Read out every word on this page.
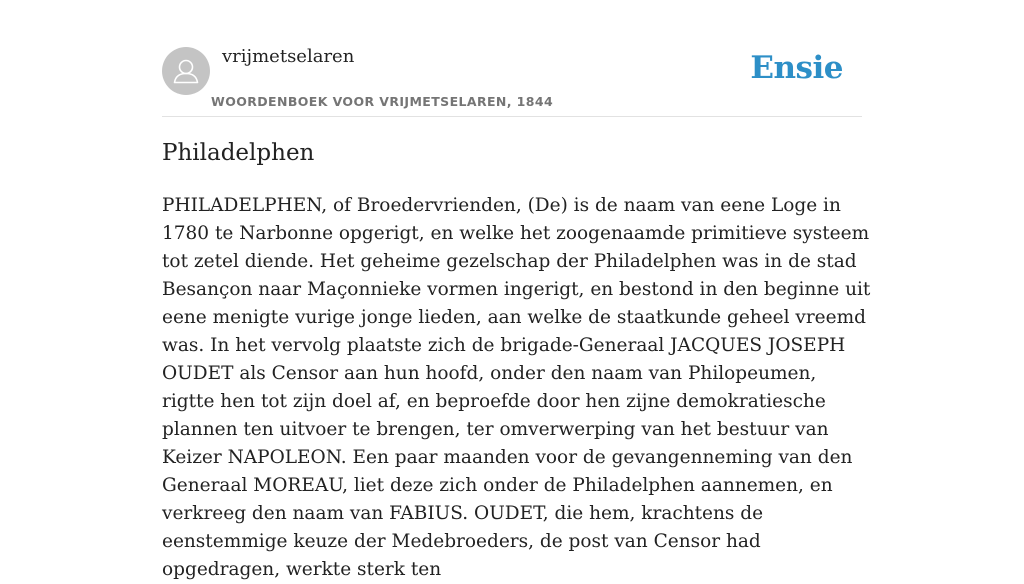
vrijmetselaren
WOORDENBOEK VOOR VRIJMETSELAREN, 1844
Ensie
Philadelphen

PHILADELPHEN, of Broedervrienden, (De) is de naam van eene Loge in 1780 te Narbonne opgerigt, en welke het zoogenaamde primitieve systeem tot zetel diende. Het geheime gezelschap der Philadelphen was in de stad Besançon naar Maçonnieke vormen ingerigt, en bestond in den beginne uit eene menigte vurige jonge lieden, aan welke de staatkunde geheel vreemd was. In het vervolg plaatste zich de brigade-Generaal JACQUES JOSEPH OUDET als Censor aan hun hoofd, onder den naam van Philopeumen, rigtte hen tot zijn doel af, en beproefde door hen zijne demokratiesche plannen ten uitvoer te brengen, ter omverwerping van het bestuur van Keizer NAPOLEON. Een paar maanden voor de gevangenneming van den Generaal MOREAU, liet deze zich onder de Philadelphen aannemen, en verkreeg den naam van FABIUS. OUDET, die hem, krachtens de eenstemmige keuze der Medebroeders, de post van Censor had opgedragen, werkte sterk ten
